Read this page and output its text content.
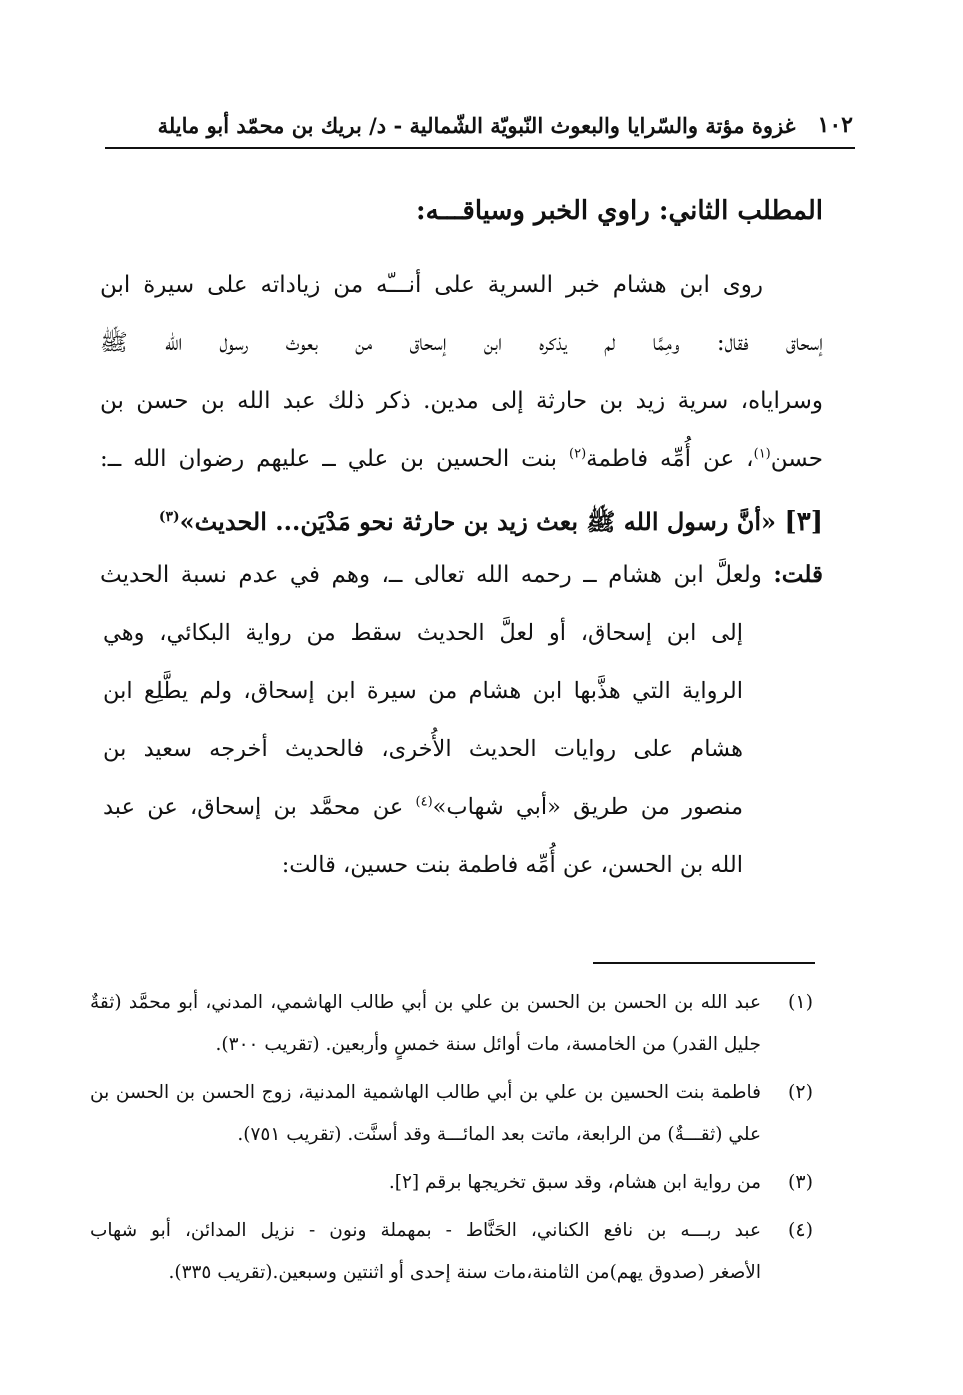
١٠٢
غزوة مؤتة والسّرايا والبعوث النّبويّة الشّمالية - د/ بريك بن محمّد أبو مايلة
المطلب الثاني: راوي الخبر وسياقـــه:
روى ابن هشام خبر السرية على أنـــّه من زياداته على سيرة ابن
إسحاق فقال: ومِمَّا لم يذكره ابن إسحاق من بعوث رسول الله ﷺ
وسراياه، سرية زيد بن حارثة إلى مدين. ذكر ذلك عبد الله بن حسن بن
حسن$^{(١)}$، عن أُمِّه فاطمة$^{(٢)}$ بنت الحسين بن علي ــ عليهم رضوان الله ــ:
[٣] «أنَّ رسول الله ﷺ بعث زيد بن حارثة نحو مَدْيَن... الحديث»$^{(٣)}$
قلت: ولعلَّ ابن هشام ــ رحمه الله تعالى ــ، وهم في عدم نسبة الحديث
إلى ابن إسحاق، أو لعلَّ الحديث سقط من رواية البكائي، وهي
الرواية التي هذَّبها ابن هشام من سيرة ابن إسحاق، ولم يطَّلِع ابن
هشام على روايات الحديث الأُخرى، فالحديث أخرجه سعيد بن
منصور من طريق «أبي شهاب»$^{(٤)}$ عن محمَّد بن إسحاق، عن عبد
الله بن الحسن، عن أُمِّه فاطمة بنت حسين، قالت:
(١)
عبد الله بن الحسن بن الحسن بن علي بن أبي طالب الهاشمي، المدني، أبو محمَّد (ثقةٌ
جليل القدر) من الخامسة، مات أوائل سنة خمسٍ وأربعين. (تقريب ٣٠٠).
(٢)
فاطمة بنت الحسين بن علي بن أبي طالب الهاشمية المدنية، زوج الحسن بن الحسن بن
علي (ثقـــةٌ) من الرابعة، ماتت بعد المائـــة وقد أسنَّت. (تقريب ٧٥١).
(٣)
من رواية ابن هشام، وقد سبق تخريجها برقم [٢].
(٤)
عبد ربـــه بن نافع الكناني، الحَنَّاط - بمهملة ونون - نزيل المدائن، أبو شهاب
الأصغر (صدوق يهم)من الثامنة،مات سنة إحدى أو اثنتين وسبعين.(تقريب ٣٣٥).
